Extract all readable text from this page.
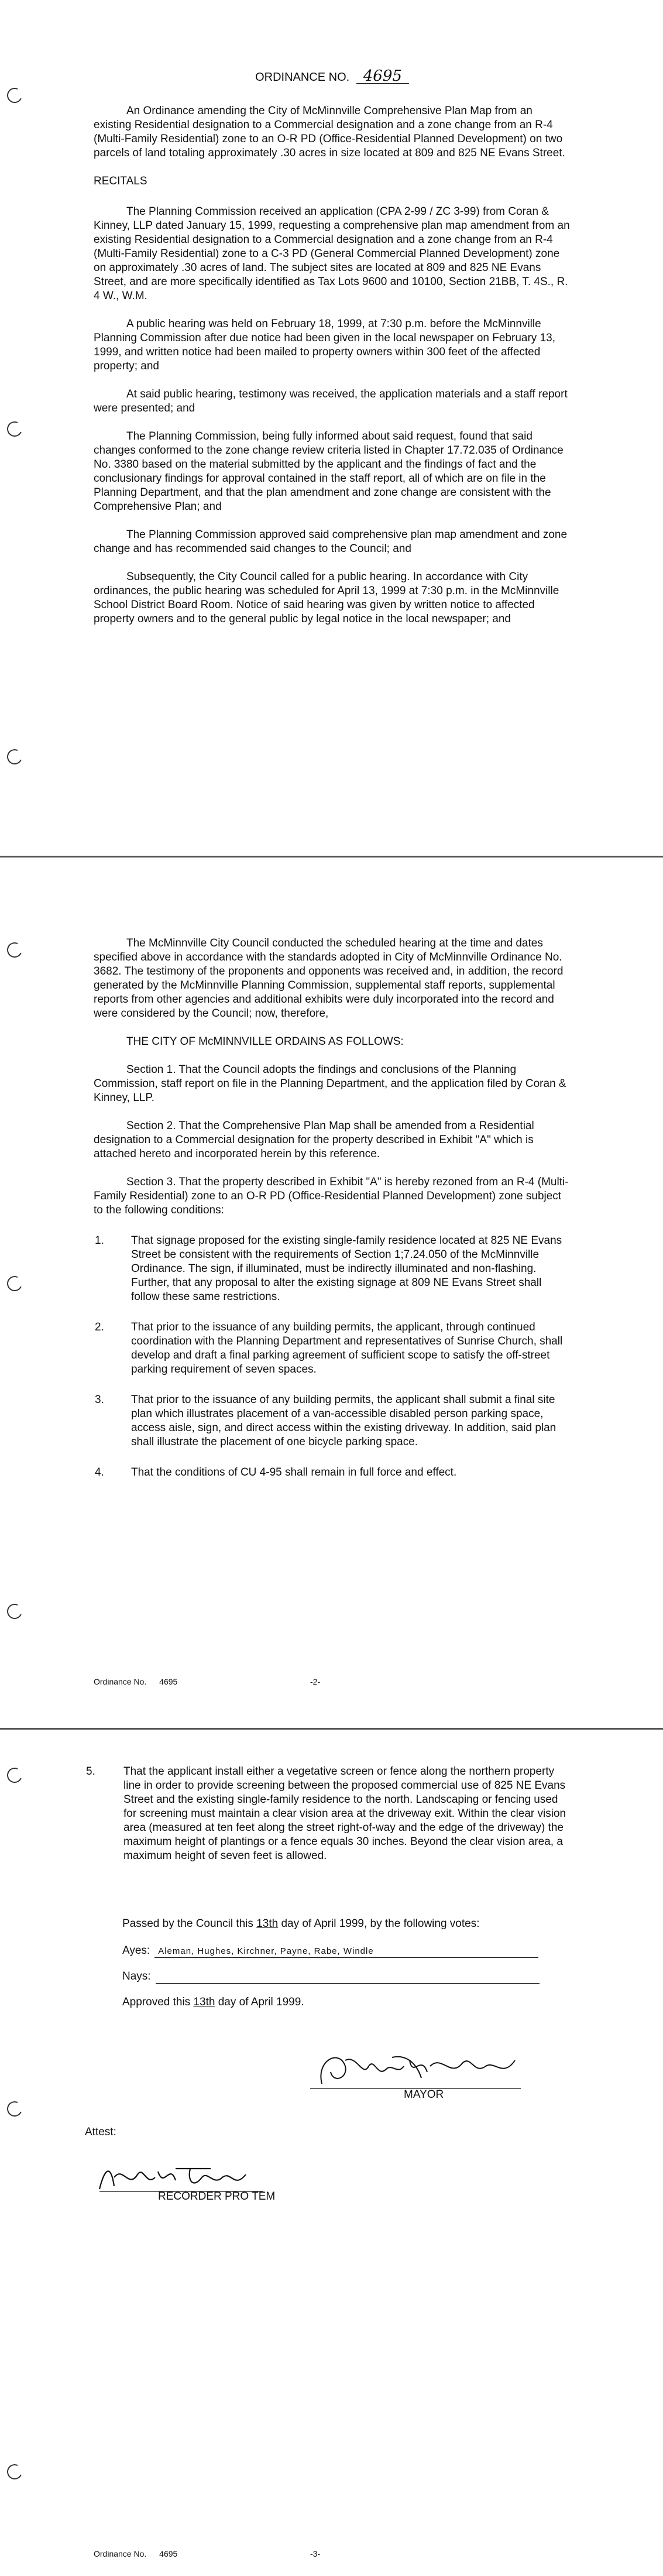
ORDINANCE NO. 4695

An Ordinance amending the City of McMinnville Comprehensive Plan Map from an existing Residential designation to a Commercial designation and a zone change from an R-4 (Multi-Family Residential) zone to an O-R PD (Office-Residential Planned Development) on two parcels of land totaling approximately .30 acres in size located at 809 and 825 NE Evans Street.

RECITALS

The Planning Commission received an application (CPA 2-99 / ZC 3-99) from Coran & Kinney, LLP dated January 15, 1999, requesting a comprehensive plan map amendment from an existing Residential designation to a Commercial designation and a zone change from an R-4 (Multi-Family Residential) zone to a C-3 PD (General Commercial Planned Development) zone on approximately .30 acres of land. The subject sites are located at 809 and 825 NE Evans Street, and are more specifically identified as Tax Lots 9600 and 10100, Section 21BB, T. 4S., R. 4 W., W.M.

A public hearing was held on February 18, 1999, at 7:30 p.m. before the McMinnville Planning Commission after due notice had been given in the local newspaper on February 13, 1999, and written notice had been mailed to property owners within 300 feet of the affected property; and

At said public hearing, testimony was received, the application materials and a staff report were presented; and

The Planning Commission, being fully informed about said request, found that said changes conformed to the zone change review criteria listed in Chapter 17.72.035 of Ordinance No. 3380 based on the material submitted by the applicant and the findings of fact and the conclusionary findings for approval contained in the staff report, all of which are on file in the Planning Department, and that the plan amendment and zone change are consistent with the Comprehensive Plan; and

The Planning Commission approved said comprehensive plan map amendment and zone change and has recommended said changes to the Council; and

Subsequently, the City Council called for a public hearing. In accordance with City ordinances, the public hearing was scheduled for April 13, 1999 at 7:30 p.m. in the McMinnville School District Board Room. Notice of said hearing was given by written notice to affected property owners and to the general public by legal notice in the local newspaper; and

The McMinnville City Council conducted the scheduled hearing at the time and dates specified above in accordance with the standards adopted in City of McMinnville Ordinance No. 3682. The testimony of the proponents and opponents was received and, in addition, the record generated by the McMinnville Planning Commission, supplemental staff reports, supplemental reports from other agencies and additional exhibits were duly incorporated into the record and were considered by the Council; now, therefore,

THE CITY OF McMINNVILLE ORDAINS AS FOLLOWS:

Section 1. That the Council adopts the findings and conclusions of the Planning Commission, staff report on file in the Planning Department, and the application filed by Coran & Kinney, LLP.

Section 2. That the Comprehensive Plan Map shall be amended from a Residential designation to a Commercial designation for the property described in Exhibit "A" which is attached hereto and incorporated herein by this reference.

Section 3. That the property described in Exhibit "A" is hereby rezoned from an R-4 (Multi-Family Residential) zone to an O-R PD (Office-Residential Planned Development) zone subject to the following conditions:

1.	That signage proposed for the existing single-family residence located at 825 NE Evans Street be consistent with the requirements of Section 1;7.24.050 of the McMinnville Ordinance. The sign, if illuminated, must be indirectly illuminated and non-flashing. Further, that any proposal to alter the existing signage at 809 NE Evans Street shall follow these same restrictions.
2.	That prior to the issuance of any building permits, the applicant, through continued coordination with the Planning Department and representatives of Sunrise Church, shall develop and draft a final parking agreement of sufficient scope to satisfy the off-street parking requirement of seven spaces.
3.	That prior to the issuance of any building permits, the applicant shall submit a final site plan which illustrates placement of a van-accessible disabled person parking space, access aisle, sign, and direct access within the existing driveway. In addition, said plan shall illustrate the placement of one bicycle parking space.
4.	That the conditions of CU 4-95 shall remain in full force and effect.
Ordinance No. 4695	-2-
5.	That the applicant install either a vegetative screen or fence along the northern property line in order to provide screening between the proposed commercial use of 825 NE Evans Street and the existing single-family residence to the north. Landscaping or fencing used for screening must maintain a clear vision area at the driveway exit. Within the clear vision area (measured at ten feet along the street right-of-way and the edge of the driveway) the maximum height of plantings or a fence equals 30 inches. Beyond the clear vision area, a maximum height of seven feet is allowed.

Passed by the Council this 13th day of April 1999, by the following votes:

Ayes: Aleman, Hughes, Kirchner, Payne, Rabe, Windle
Nays:

Approved this 13th day of April 1999.

MAYOR
Attest:
RECORDER PRO TEM
Ordinance No. 4695	-3-
